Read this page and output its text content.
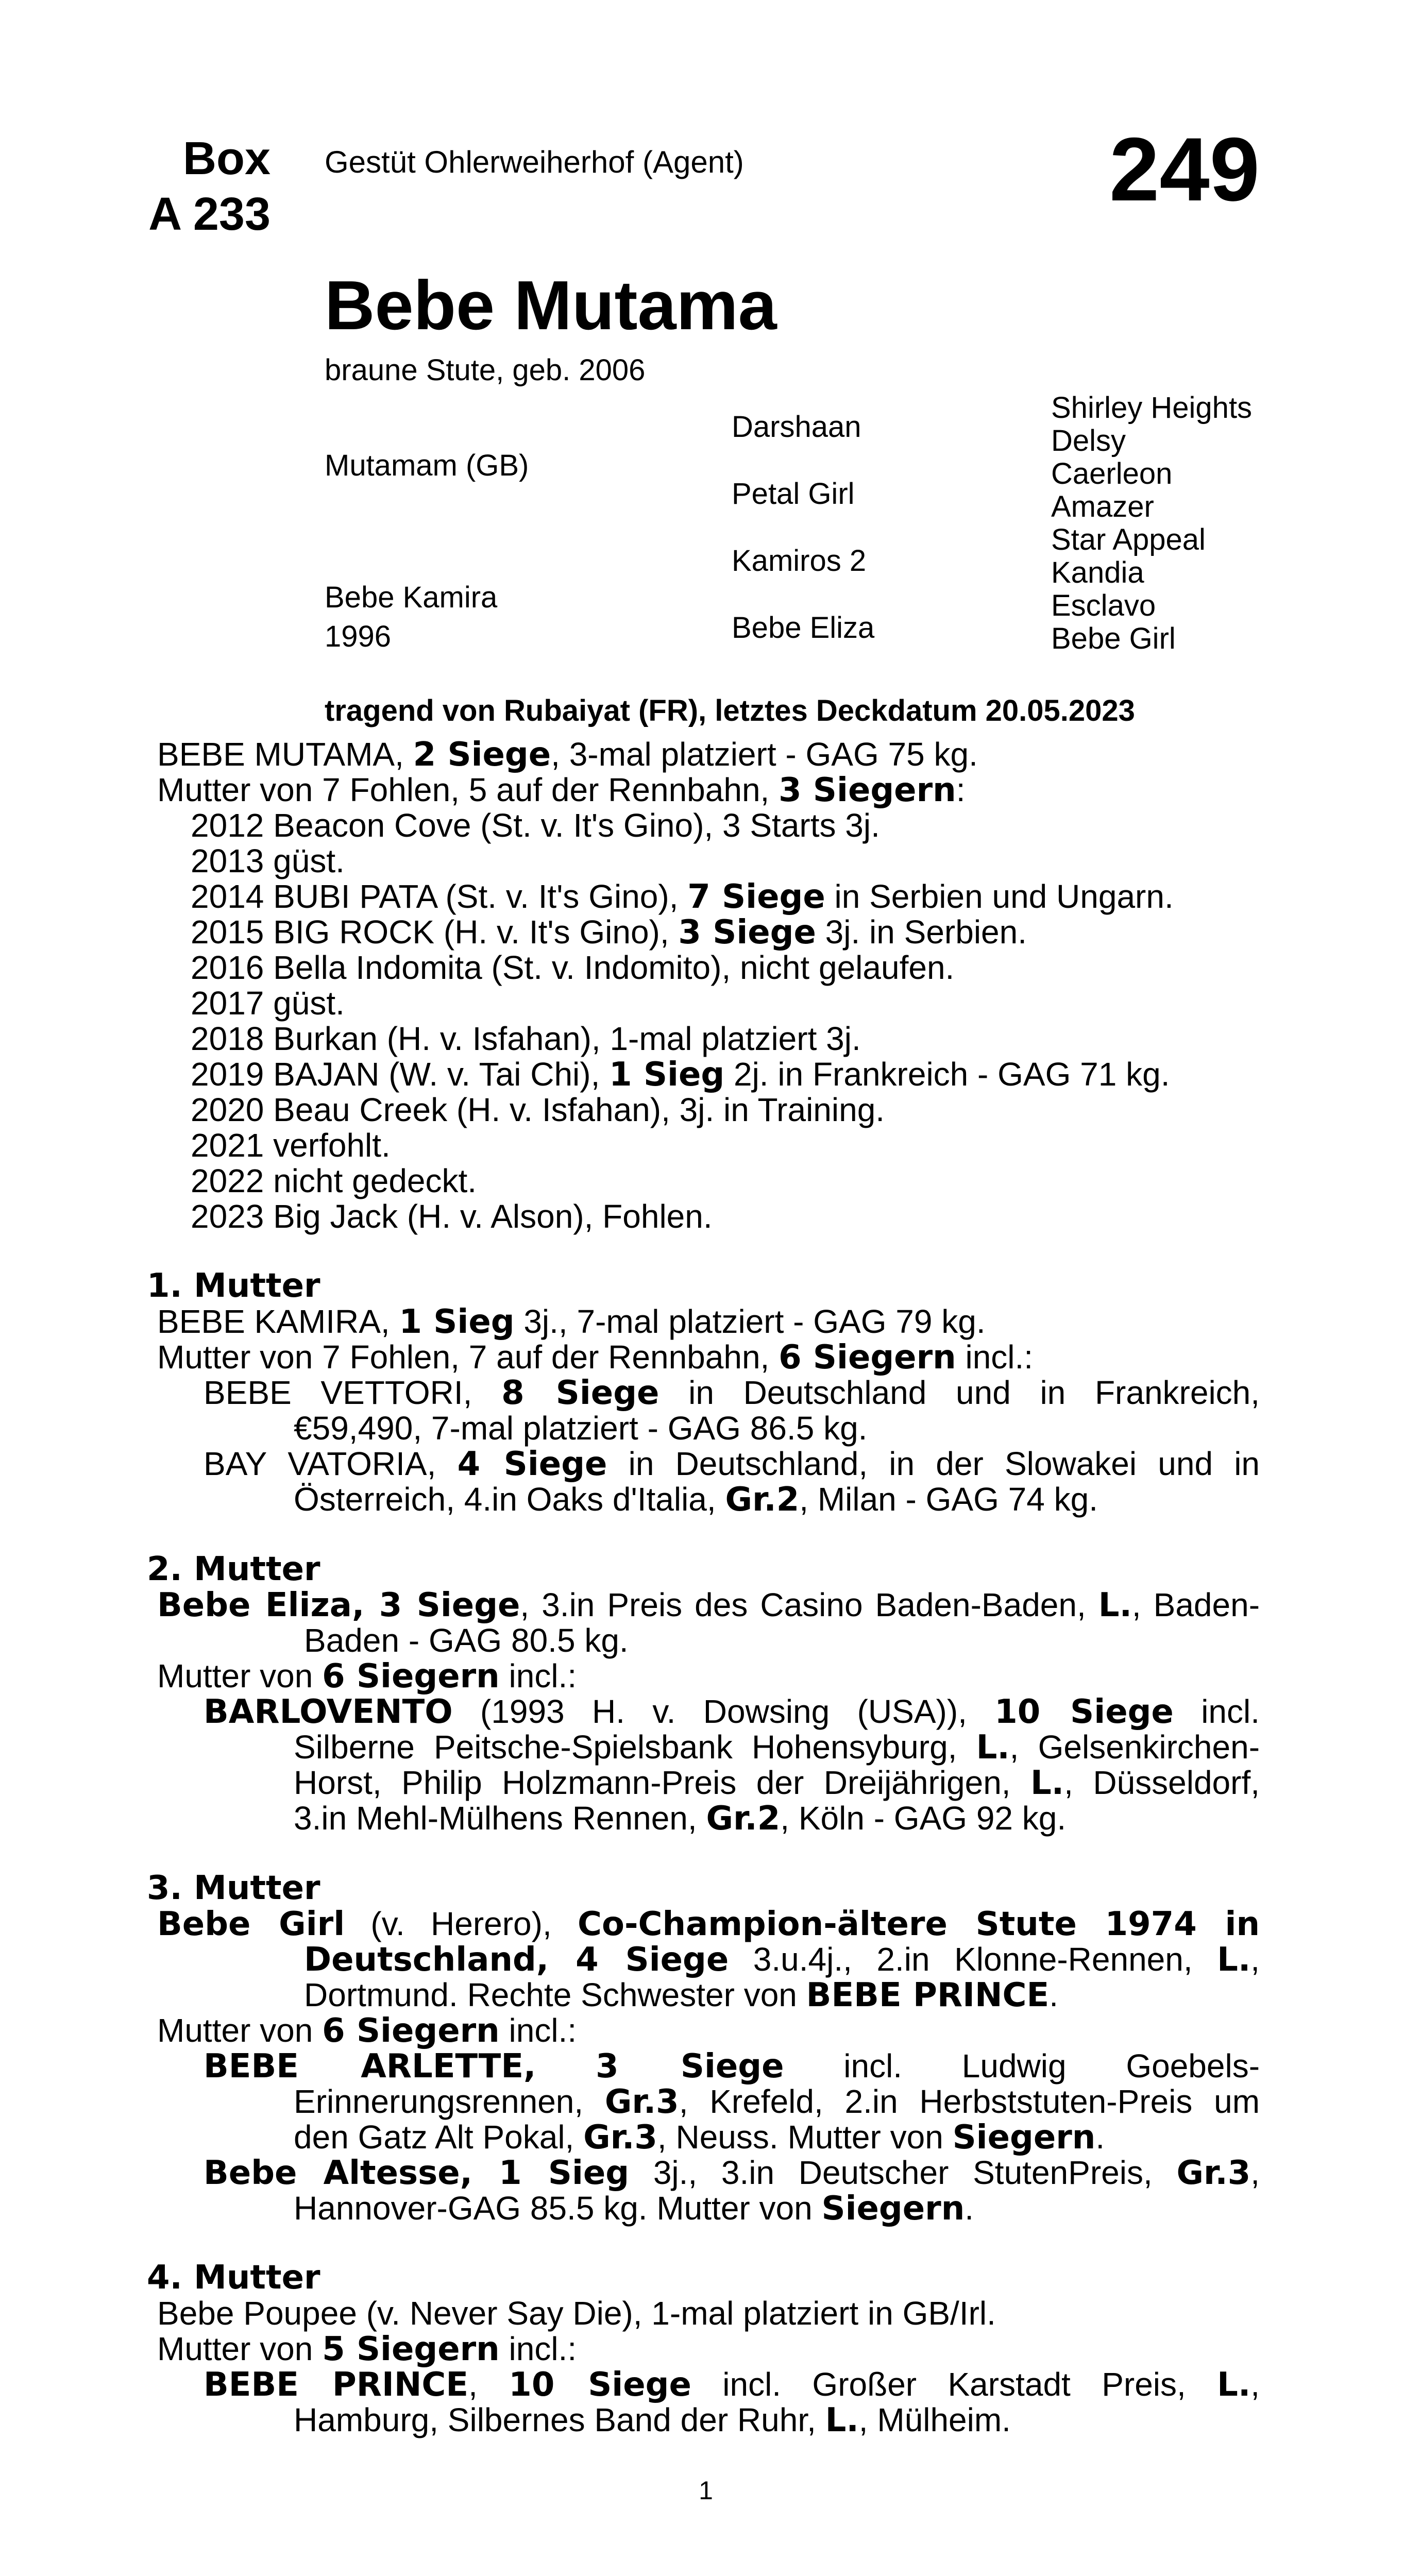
Box
A 233
Gestüt Ohlerweiherhof (Agent)	249
Bebe Mutama
braune Stute, geb. 2006
Mutamam (GB)
Bebe Kamira
1996
Darshaan
Petal Girl
Kamiros 2
Bebe Eliza
Shirley Heights
Delsy
Caerleon
Amazer
Star Appeal
Kandia
Esclavo
Bebe Girl
tragend von Rubaiyat (FR), letztes Deckdatum 20.05.2023
BEBE MUTAMA, 2 Siege, 3-mal platziert - GAG 75 kg.
Mutter von 7 Fohlen, 5 auf der Rennbahn, 3 Siegern:
2012 Beacon Cove (St. v. It's Gino), 3 Starts 3j.
2013 güst.
2014 BUBI PATA (St. v. It's Gino), 7 Siege in Serbien und Ungarn.
2015 BIG ROCK (H. v. It's Gino), 3 Siege 3j. in Serbien.
2016 Bella Indomita (St. v. Indomito), nicht gelaufen.
2017 güst.
2018 Burkan (H. v. Isfahan), 1-mal platziert 3j.
2019 BAJAN (W. v. Tai Chi), 1 Sieg 2j. in Frankreich - GAG 71 kg.
2020 Beau Creek (H. v. Isfahan), 3j. in Training.
2021 verfohlt.
2022 nicht gedeckt.
2023 Big Jack (H. v. Alson), Fohlen.
1. Mutter
BEBE KAMIRA, 1 Sieg 3j., 7-mal platziert - GAG 79 kg.
Mutter von 7 Fohlen, 7 auf der Rennbahn, 6 Siegern incl.:
BEBE VETTORI, 8 Siege in Deutschland und in Frankreich,
€59,490, 7-mal platziert - GAG 86.5 kg.
BAY VATORIA, 4 Siege in Deutschland, in der Slowakei und in
Österreich, 4.in Oaks d'Italia, Gr.2, Milan - GAG 74 kg.
2. Mutter
Bebe Eliza, 3 Siege, 3.in Preis des Casino Baden-Baden, L., Baden-
Baden - GAG 80.5 kg.
Mutter von 6 Siegern incl.:
BARLOVENTO (1993 H. v. Dowsing (USA)), 10 Siege incl.
Silberne Peitsche-Spielsbank Hohensyburg, L., Gelsenkirchen-
Horst, Philip Holzmann-Preis der Dreijährigen, L., Düsseldorf,
3.in Mehl-Mülhens Rennen, Gr.2, Köln - GAG 92 kg.
3. Mutter
Bebe Girl (v. Herero), Co-Champion-ältere Stute 1974 in
Deutschland, 4 Siege 3.u.4j., 2.in Klonne-Rennen, L.,
Dortmund. Rechte Schwester von BEBE PRINCE.
Mutter von 6 Siegern incl.:
BEBE ARLETTE, 3 Siege incl. Ludwig Goebels-
Erinnerungsrennen, Gr.3, Krefeld, 2.in Herbststuten-Preis um
den Gatz Alt Pokal, Gr.3, Neuss. Mutter von Siegern.
Bebe Altesse, 1 Sieg 3j., 3.in Deutscher StutenPreis, Gr.3,
Hannover-GAG 85.5 kg. Mutter von Siegern.
4. Mutter
Bebe Poupee (v. Never Say Die), 1-mal platziert in GB/Irl.
Mutter von 5 Siegern incl.:
BEBE PRINCE, 10 Siege incl. Großer Karstadt Preis, L.,
Hamburg, Silbernes Band der Ruhr, L., Mülheim.
1
